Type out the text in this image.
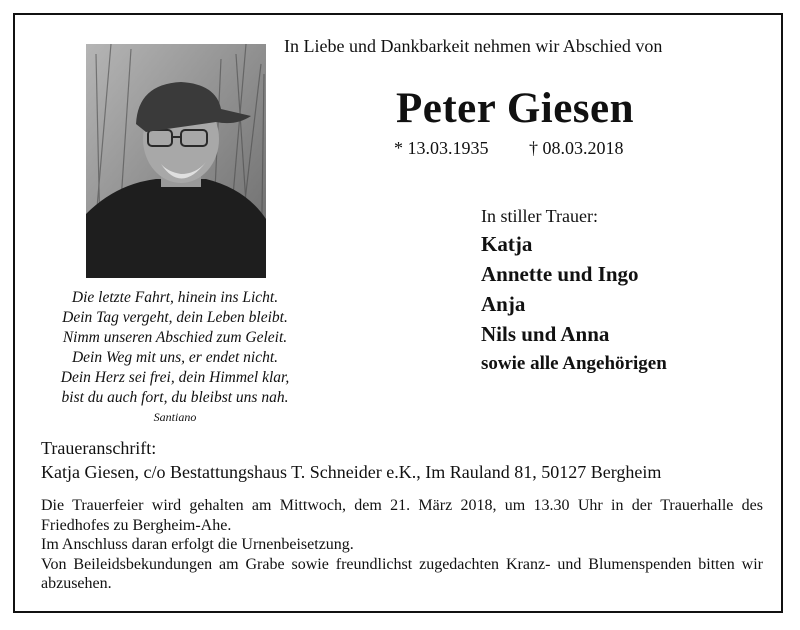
In Liebe und Dankbarkeit nehmen wir Abschied von
Peter Giesen
* 13.03.1935 † 08.03.2018
Die letzte Fahrt, hinein ins Licht.
Dein Tag vergeht, dein Leben bleibt.
Nimm unseren Abschied zum Geleit.
Dein Weg mit uns, er endet nicht.
Dein Herz sei frei, dein Himmel klar,
bist du auch fort, du bleibst uns nah.
Santiano
In stiller Trauer:
Katja
Annette und Ingo
Anja
Nils und Anna
sowie alle Angehörigen
Traueranschrift:
Katja Giesen, c/o Bestattungshaus T. Schneider e.K., Im Rauland 81, 50127 Bergheim

Die Trauerfeier wird gehalten am Mittwoch, dem 21. März 2018, um 13.30 Uhr in der Trauerhalle des Friedhofes zu Bergheim-Ahe.

Im Anschluss daran erfolgt die Urnenbeisetzung.

Von Beileidsbekundungen am Grabe sowie freundlichst zugedachten Kranz- und Blumenspenden bitten wir abzusehen.
